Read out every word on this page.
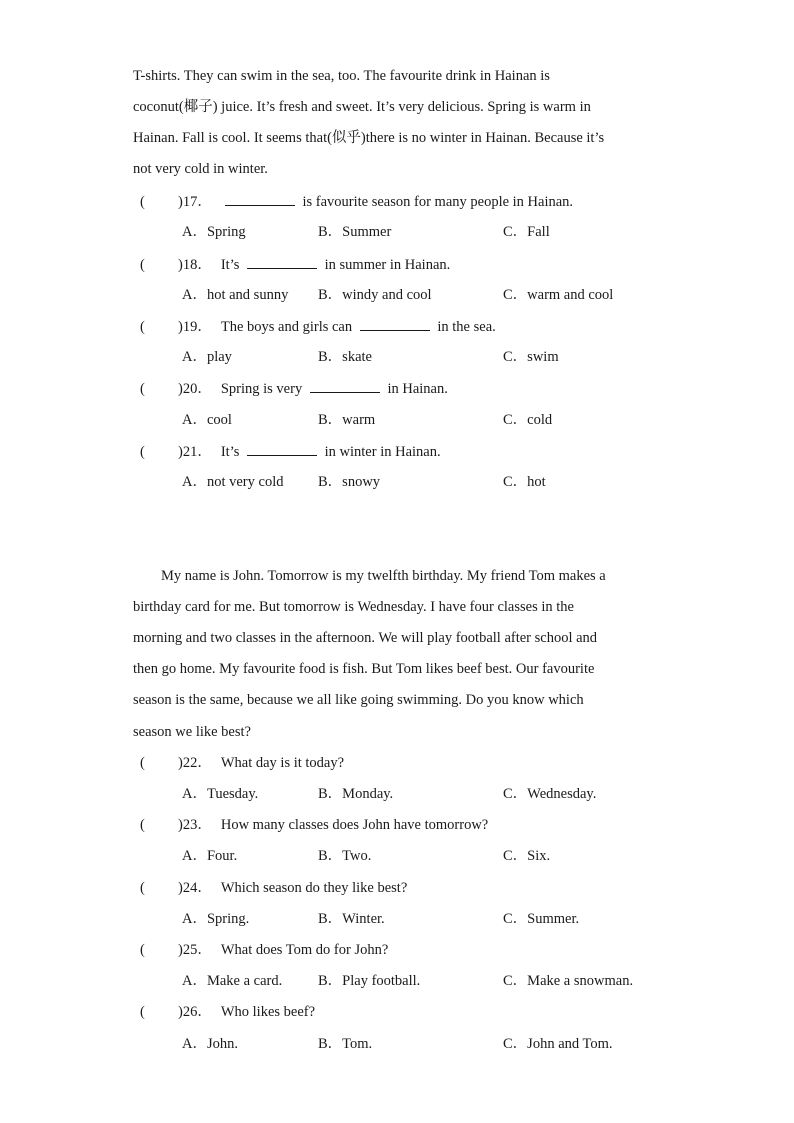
T-shirts. They can swim in the sea, too. The favourite drink in Hainan is
coconut(椰子) juice. It’s fresh and sweet. It’s very delicious. Spring is warm in
Hainan. Fall is cool. It seems that(似乎)there is no winter in Hainan. Because it’s
not very cold in winter.
( )17．	is favourite season for many people in Hainan.
A．Spring	B．Summer	C．Fall
( )18． It’s	in summer in Hainan.
A．hot and sunny B．windy and cool	C．warm and cool
( )19． The boys and girls can	in the sea.
A．play	B．skate	C．swim
( )20． Spring is very	in Hainan.
A．cool	B．warm	C．cold
( )21． It’s	in winter in Hainan.
A．not very cold B．snowy	C．hot
My name is John. Tomorrow is my twelfth birthday. My friend Tom makes a
birthday card for me. But tomorrow is Wednesday. I have four classes in the
morning and two classes in the afternoon. We will play football after school and
then go home. My favourite food is fish. But Tom likes beef best. Our favourite
season is the same, because we all like going swimming. Do you know which
season we like best?
( )22． What day is it today?
A．Tuesday.	B．Monday.	C．Wednesday.
( )23． How many classes does John have tomorrow?
A．Four.	B．Two.	C．Six.
( )24． Which season do they like best?
A．Spring.	B．Winter.	C．Summer.
( )25． What does Tom do for John?
A．Make a card. B．Play football.	C．Make a snowman.
( )26． Who likes beef?
A．John.	B．Tom.	C．John and Tom.
